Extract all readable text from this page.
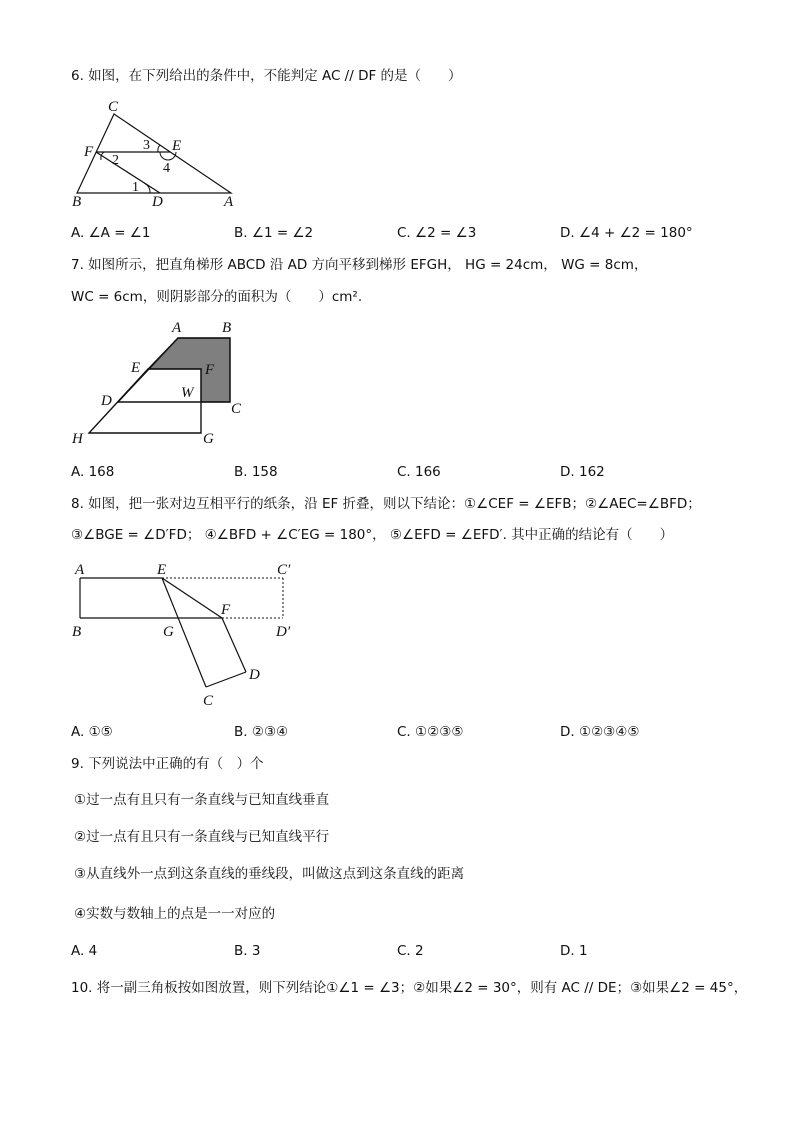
6. 如图，在下列给出的条件中，不能判定 AC // DF 的是（　　）
C
E
F
B	D	A
1
2
3
4
A. ∠A = ∠1	B. ∠1 = ∠2	C. ∠2 = ∠3	D. ∠4 + ∠2 = 180°
7. 如图所示，把直角梯形 ABCD 沿 AD 方向平移到梯形 EFGH， HG = 24cm， WG = 8cm，
WC = 6cm，则阴影部分的面积为（　　）cm².
A	B
E	F
D	W
C
H	G
A. 168	B. 158	C. 166	D. 162
8. 如图，把一张对边互相平行的纸条，沿 EF 折叠，则以下结论：①∠CEF = ∠EFB；②∠AEC=∠BFD；
③∠BGE = ∠D′FD； ④∠BFD + ∠C′EG = 180°， ⑤∠EFD = ∠EFD′. 其中正确的结论有（　　）
A	E	C′
F
B	G	D′
D
C
A. ①⑤	B. ②③④	C. ①②③⑤	D. ①②③④⑤
9. 下列说法中正确的有（　）个
①过一点有且只有一条直线与已知直线垂直
②过一点有且只有一条直线与已知直线平行
③从直线外一点到这条直线的垂线段，叫做这点到这条直线的距离
④实数与数轴上的点是一一对应的
A. 4	B. 3	C. 2	D. 1
10. 将一副三角板按如图放置，则下列结论①∠1 = ∠3；②如果∠2 = 30°，则有 AC // DE；③如果∠2 = 45°，
